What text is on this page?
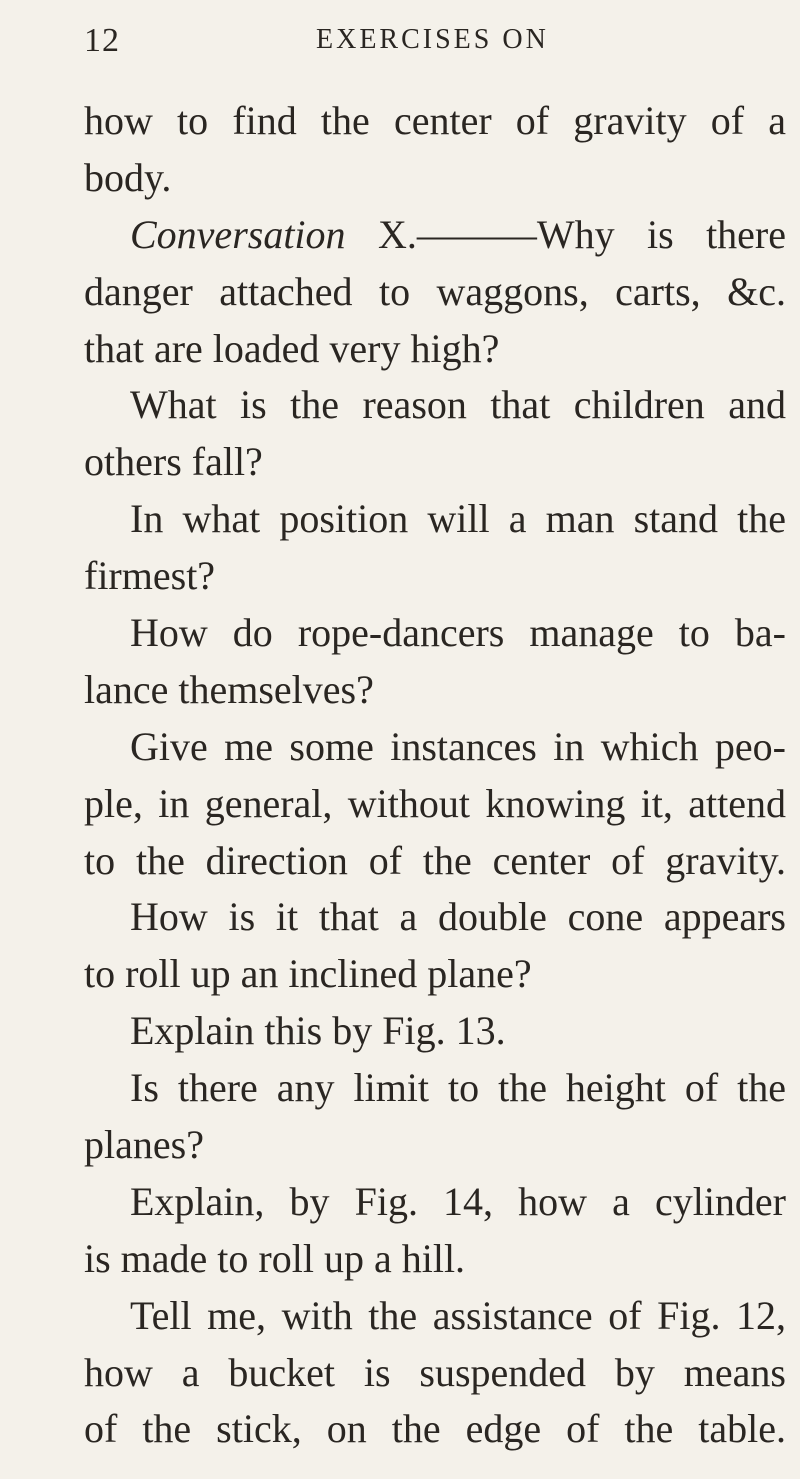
12	EXERCISES ON
how to find the center of gravity of a
body.
Conversation X.———Why is there
danger attached to waggons, carts, &c.
that are loaded very high?
What is the reason that children and
others fall?
In what position will a man stand the
firmest?
How do rope-dancers manage to ba-
lance themselves?
Give me some instances in which peo-
ple, in general, without knowing it, attend
to the direction of the center of gravity.
How is it that a double cone appears
to roll up an inclined plane?
Explain this by Fig. 13.
Is there any limit to the height of the
planes?
Explain, by Fig. 14, how a cylinder
is made to roll up a hill.
Tell me, with the assistance of Fig. 12,
how a bucket is suspended by means
of the stick, on the edge of the table.
